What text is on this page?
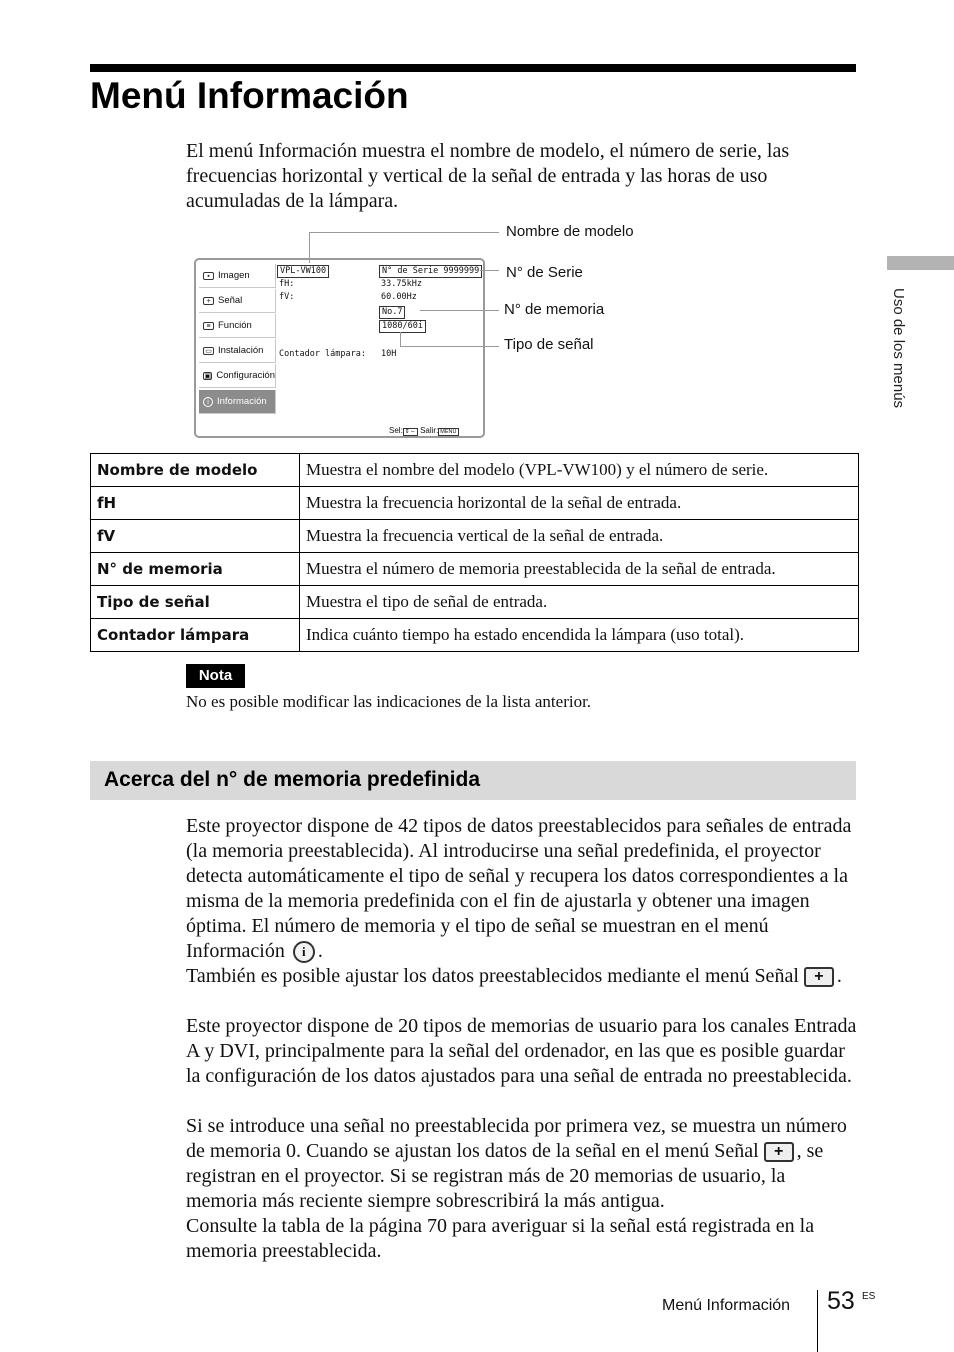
Menú Información
Uso de los menús
El menú Información muestra el nombre de modelo, el número de serie, las frecuencias horizontal y vertical de la señal de entrada y las horas de uso acumuladas de la lámpara.
▪ Imagen
+ Señal
≡ Función
▭ Instalación
▣ Configuración
i Información
VPL-VW100
fH:
fV:
Contador lámpara:
N° de Serie 9999999
33.75kHz
60.00Hz
No.7
1080/60i
10H
Sel: ⇕⇔ Salir: MENU
Nombre de modelo
N° de Serie
N° de memoria
Tipo de señal
Nombre de modelo	Muestra el nombre del modelo (VPL-VW100) y el número de serie.
fH	Muestra la frecuencia horizontal de la señal de entrada.
fV	Muestra la frecuencia vertical de la señal de entrada.
N° de memoria	Muestra el número de memoria preestablecida de la señal de entrada.
Tipo de señal	Muestra el tipo de señal de entrada.
Contador lámpara	Indica cuánto tiempo ha estado encendida la lámpara (uso total).
Nota
No es posible modificar las indicaciones de la lista anterior.
Acerca del n° de memoria predefinida
Este proyector dispone de 42 tipos de datos preestablecidos para señales de entrada (la memoria preestablecida). Al introducirse una señal predefinida, el proyector detecta automáticamente el tipo de señal y recupera los datos correspondientes a la misma de la memoria predefinida con el fin de ajustarla y obtener una imagen óptima. El número de memoria y el tipo de señal se muestran en el menú Información i .
También es posible ajustar los datos preestablecidos mediante el menú Señal + .
Este proyector dispone de 20 tipos de memorias de usuario para los canales Entrada A y DVI, principalmente para la señal del ordenador, en las que es posible guardar la configuración de los datos ajustados para una señal de entrada no preestablecida.
Si se introduce una señal no preestablecida por primera vez, se muestra un número de memoria 0. Cuando se ajustan los datos de la señal en el menú Señal + , se registran en el proyector. Si se registran más de 20 memorias de usuario, la memoria más reciente siempre sobrescribirá la más antigua.
Consulte la tabla de la página 70 para averiguar si la señal está registrada en la memoria preestablecida.
Menú Información 53 ES
